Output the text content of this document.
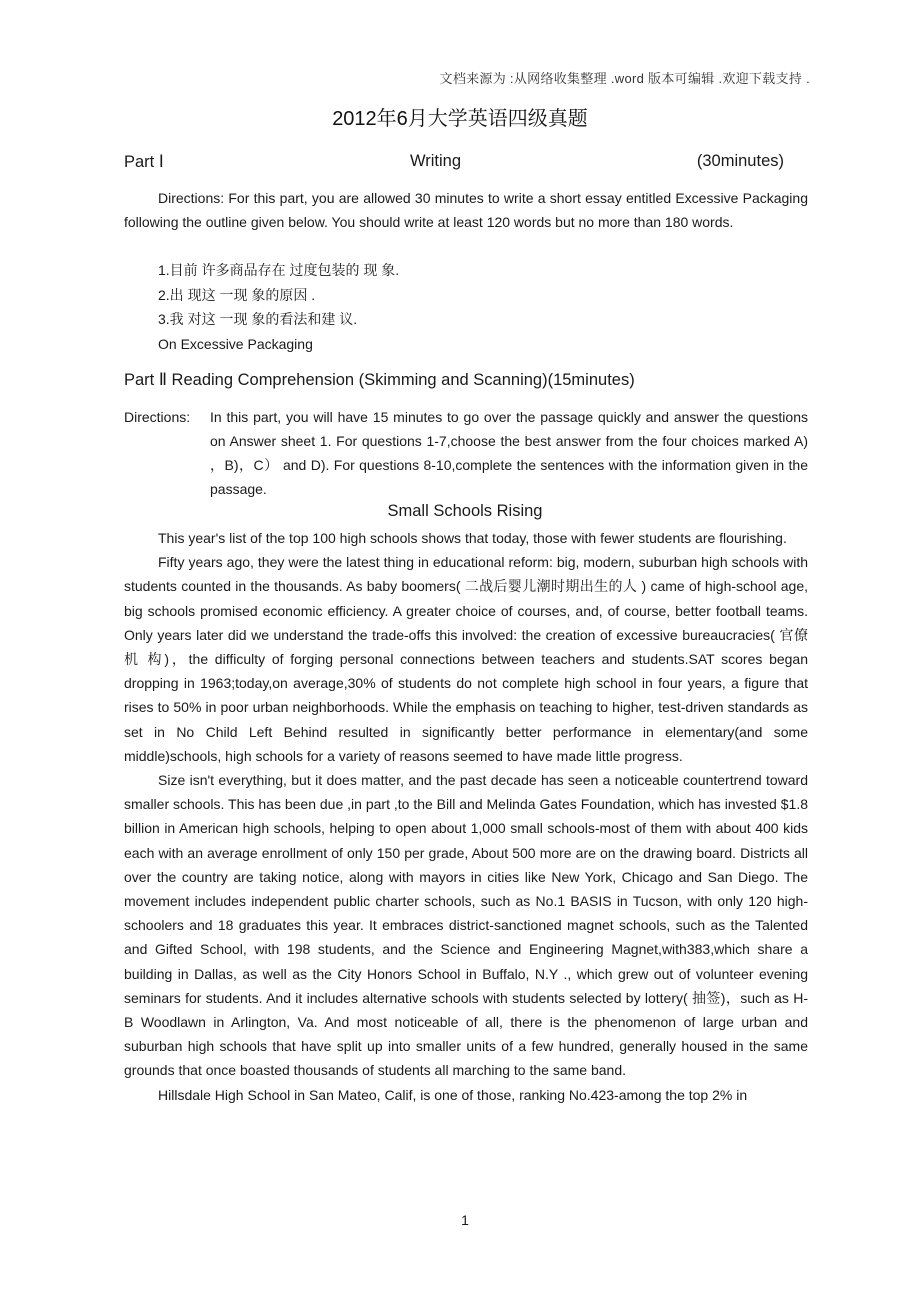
文档来源为 :从网络收集整理 .word 版本可编辑 .欢迎下载支持 .
2012年6月大学英语四级真题
Part Ⅰ	Writing	(30minutes)

Directions: For this part, you are allowed 30 minutes to write a short essay entitled Excessive Packaging following the outline given below. You should write at least 120 words but no more than 180 words.

1.目前 许多商品存在 过度包装的 现 象.
2.出 现这 一现 象的原因 .
3.我 对这 一现 象的看法和建 议.
On Excessive Packaging
Part Ⅱ Reading Comprehension (Skimming and Scanning)(15minutes)
Directions: In this part, you will have 15 minutes to go over the passage quickly and answer the questions on Answer sheet 1. For questions 1-7,choose the best answer from the four choices marked A) ，B)，C） and D). For questions 8-10,complete the sentences with the information given in the passage.
Small Schools Rising

This year's list of the top 100 high schools shows that today, those with fewer students are flourishing.

Fifty years ago, they were the latest thing in educational reform: big, modern, suburban high schools with students counted in the thousands. As baby boomers( 二战后婴儿潮时期出生的人 ) came of high-school age, big schools promised economic efficiency. A greater choice of courses, and, of course, better football teams. Only years later did we understand the trade-offs this involved: the creation of excessive bureaucracies( 官僚机 构)，the difficulty of forging personal connections between teachers and students.SAT scores began dropping in 1963;today,on average,30% of students do not complete high school in four years, a figure that rises to 50% in poor urban neighborhoods. While the emphasis on teaching to higher, test-driven standards as set in No Child Left Behind resulted in significantly better performance in elementary(and some middle)schools, high schools for a variety of reasons seemed to have made little progress.

Size isn't everything, but it does matter, and the past decade has seen a noticeable countertrend toward smaller schools. This has been due ,in part ,to the Bill and Melinda Gates Foundation, which has invested $1.8 billion in American high schools, helping to open about 1,000 small schools-most of them with about 400 kids each with an average enrollment of only 150 per grade, About 500 more are on the drawing board. Districts all over the country are taking notice, along with mayors in cities like New York, Chicago and San Diego. The movement includes independent public charter schools, such as No.1 BASIS in Tucson, with only 120 high-schoolers and 18 graduates this year. It embraces district-sanctioned magnet schools, such as the Talented and Gifted School, with 198 students, and the Science and Engineering Magnet,with383,which share a building in Dallas, as well as the City Honors School in Buffalo, N.Y ., which grew out of volunteer evening seminars for students. And it includes alternative schools with students selected by lottery( 抽签)，such as H-B Woodlawn in Arlington, Va. And most noticeable of all, there is the phenomenon of large urban and suburban high schools that have split up into smaller units of a few hundred, generally housed in the same grounds that once boasted thousands of students all marching to the same band.

Hillsdale High School in San Mateo, Calif, is one of those, ranking No.423-among the top 2% in

1
